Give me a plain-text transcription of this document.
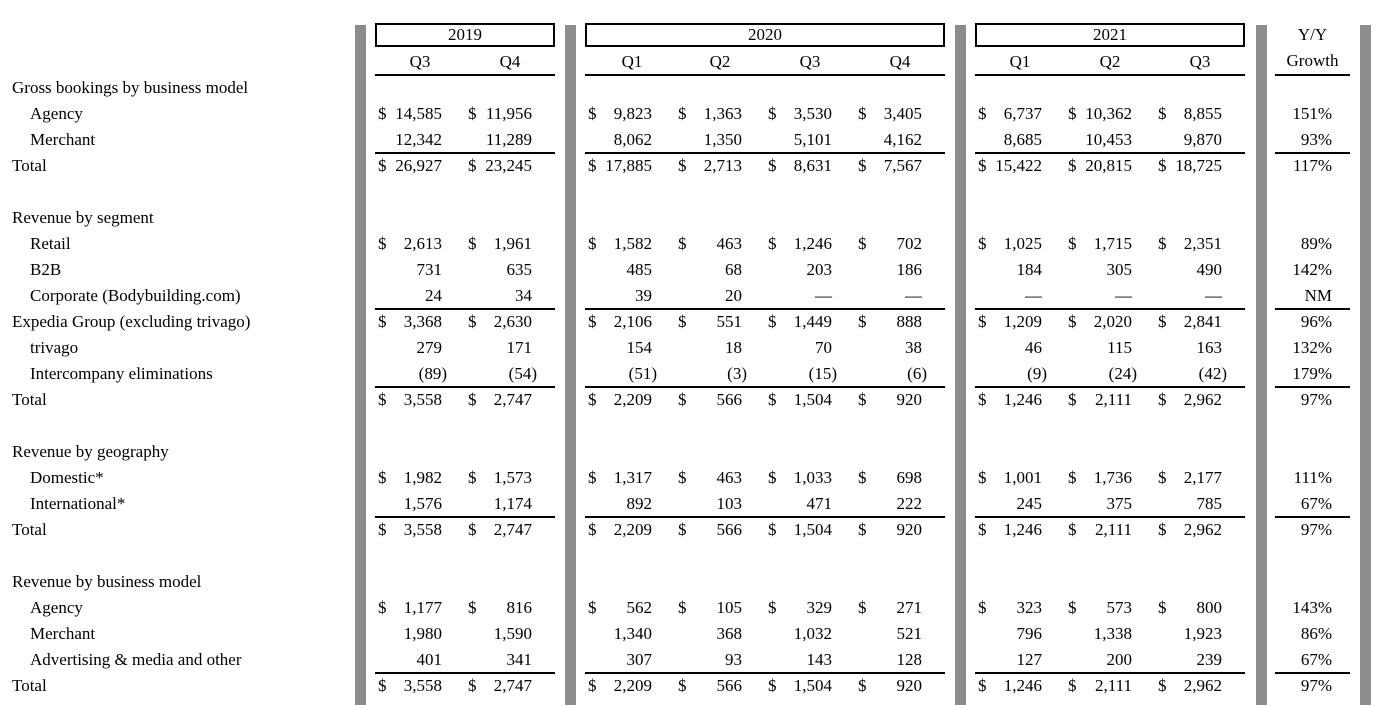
2019	2020	2021	Y/Y
Growth
Q3	Q4	Q1	Q2	Q3	Q4	Q1	Q2	Q3
Gross bookings by business model
Agency	$ 14,585 $ 11,956	$ 9,823 $ 1,363 $ 3,530 $ 3,405	$ 6,737 $ 10,362 $ 8,855	151%
Merchant	12,342	11,289	8,062	1,350	5,101	4,162	8,685	10,453	9,870	93%
Total	$ 26,927 $ 23,245	$ 17,885 $ 2,713 $ 8,631 $ 7,567	$ 15,422 $ 20,815 $ 18,725	117%
Revenue by segment
Retail	$ 2,613 $ 1,961	$ 1,582 $ 463 $ 1,246 $ 702	$ 1,025 $ 1,715 $ 2,351	89%
B2B	731	635	485	68	203	186	184	305	490	142%
Corporate (Bodybuilding.com)	24	34	39	20	—	—	—	—	—	NM
Expedia Group (excluding trivago)	$ 3,368 $ 2,630	$ 2,106 $ 551 $ 1,449 $ 888	$ 1,209 $ 2,020 $ 2,841	96%
trivago	279	171	154	18	70	38	46	115	163	132%
Intercompany eliminations	(89)	(54)	(51)	(3)	(15)	(6)	(9)	(24)	(42)	179%
Total	$ 3,558 $ 2,747	$ 2,209 $ 566 $ 1,504 $ 920	$ 1,246 $ 2,111 $ 2,962	97%
Revenue by geography
Domestic*	$ 1,982 $ 1,573	$ 1,317 $ 463 $ 1,033 $ 698	$ 1,001 $ 1,736 $ 2,177	111%
International*	1,576	1,174	892	103	471	222	245	375	785	67%
Total	$ 3,558 $ 2,747	$ 2,209 $ 566 $ 1,504 $ 920	$ 1,246 $ 2,111 $ 2,962	97%
Revenue by business model
Agency	$ 1,177 $ 816	$ 562 $ 105 $ 329 $ 271	$ 323 $ 573 $ 800	143%
Merchant	1,980	1,590	1,340	368	1,032	521	796	1,338	1,923	86%
Advertising & media and other	401	341	307	93	143	128	127	200	239	67%
Total	$ 3,558 $ 2,747	$ 2,209 $ 566 $ 1,504 $ 920	$ 1,246 $ 2,111 $ 2,962	97%
